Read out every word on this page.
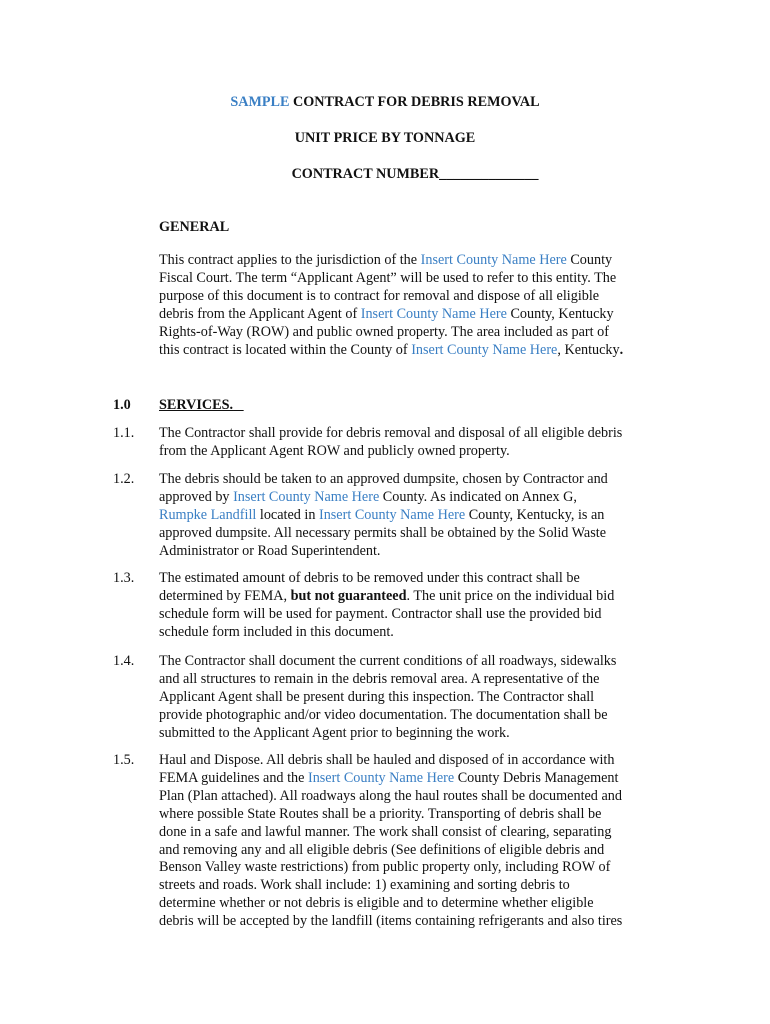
SAMPLE CONTRACT FOR DEBRIS REMOVAL
UNIT PRICE BY TONNAGE
CONTRACT NUMBER______________
GENERAL
This contract applies to the jurisdiction of the Insert County Name Here County
Fiscal Court. The term “Applicant Agent” will be used to refer to this entity. The
purpose of this document is to contract for removal and dispose of all eligible
debris from the Applicant Agent of Insert County Name Here County, Kentucky
Rights-of-Way (ROW) and public owned property. The area included as part of
this contract is located within the County of Insert County Name Here, Kentucky.
1.0 SERVICES.
1.1. The Contractor shall provide for debris removal and disposal of all eligible debris
from the Applicant Agent ROW and publicly owned property.
1.2. The debris should be taken to an approved dumpsite, chosen by Contractor and
approved by Insert County Name Here County. As indicated on Annex G,
Rumpke Landfill located in Insert County Name Here County, Kentucky, is an
approved dumpsite. All necessary permits shall be obtained by the Solid Waste
Administrator or Road Superintendent.
1.3. The estimated amount of debris to be removed under this contract shall be
determined by FEMA, but not guaranteed. The unit price on the individual bid
schedule form will be used for payment. Contractor shall use the provided bid
schedule form included in this document.
1.4. The Contractor shall document the current conditions of all roadways, sidewalks
and all structures to remain in the debris removal area. A representative of the
Applicant Agent shall be present during this inspection. The Contractor shall
provide photographic and/or video documentation. The documentation shall be
submitted to the Applicant Agent prior to beginning the work.
1.5. Haul and Dispose. All debris shall be hauled and disposed of in accordance with
FEMA guidelines and the Insert County Name Here County Debris Management
Plan (Plan attached). All roadways along the haul routes shall be documented and
where possible State Routes shall be a priority. Transporting of debris shall be
done in a safe and lawful manner. The work shall consist of clearing, separating
and removing any and all eligible debris (See definitions of eligible debris and
Benson Valley waste restrictions) from public property only, including ROW of
streets and roads. Work shall include: 1) examining and sorting debris to
determine whether or not debris is eligible and to determine whether eligible
debris will be accepted by the landfill (items containing refrigerants and also tires
